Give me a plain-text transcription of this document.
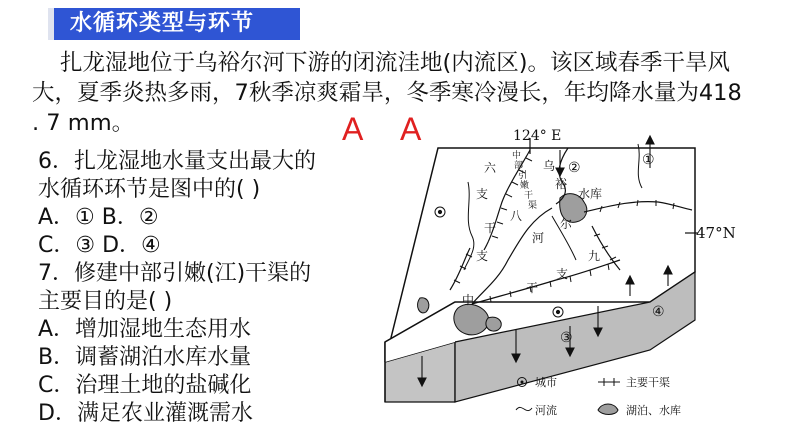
水循环类型与环节
扎龙湿地位于乌裕尔河下游的闭流洼地(内流区)。该区域春季干旱风
大，夏季炎热多雨，7秋季凉爽霜旱，冬季寒冷漫长，年均降水量为418
. 7 mm。	A A
6．扎龙湿地水量支出最大的
水循环环节是图中的( )
A．① B．②
C．③ D．④
7．修建中部引嫩(江)干渠的
主要目的是( )
A．增加湿地生态用水
B．调蓄湖泊水库水量
C．治理土地的盐碱化
D．满足农业灌溉需水
124° E
47°N
乌
裕
尔
河
水库
中
部
引
嫩
干
渠
六
支
干
八
九
支
干
支
中
①
②
③
④
城市	主要干渠
河流	湖泊、水库
